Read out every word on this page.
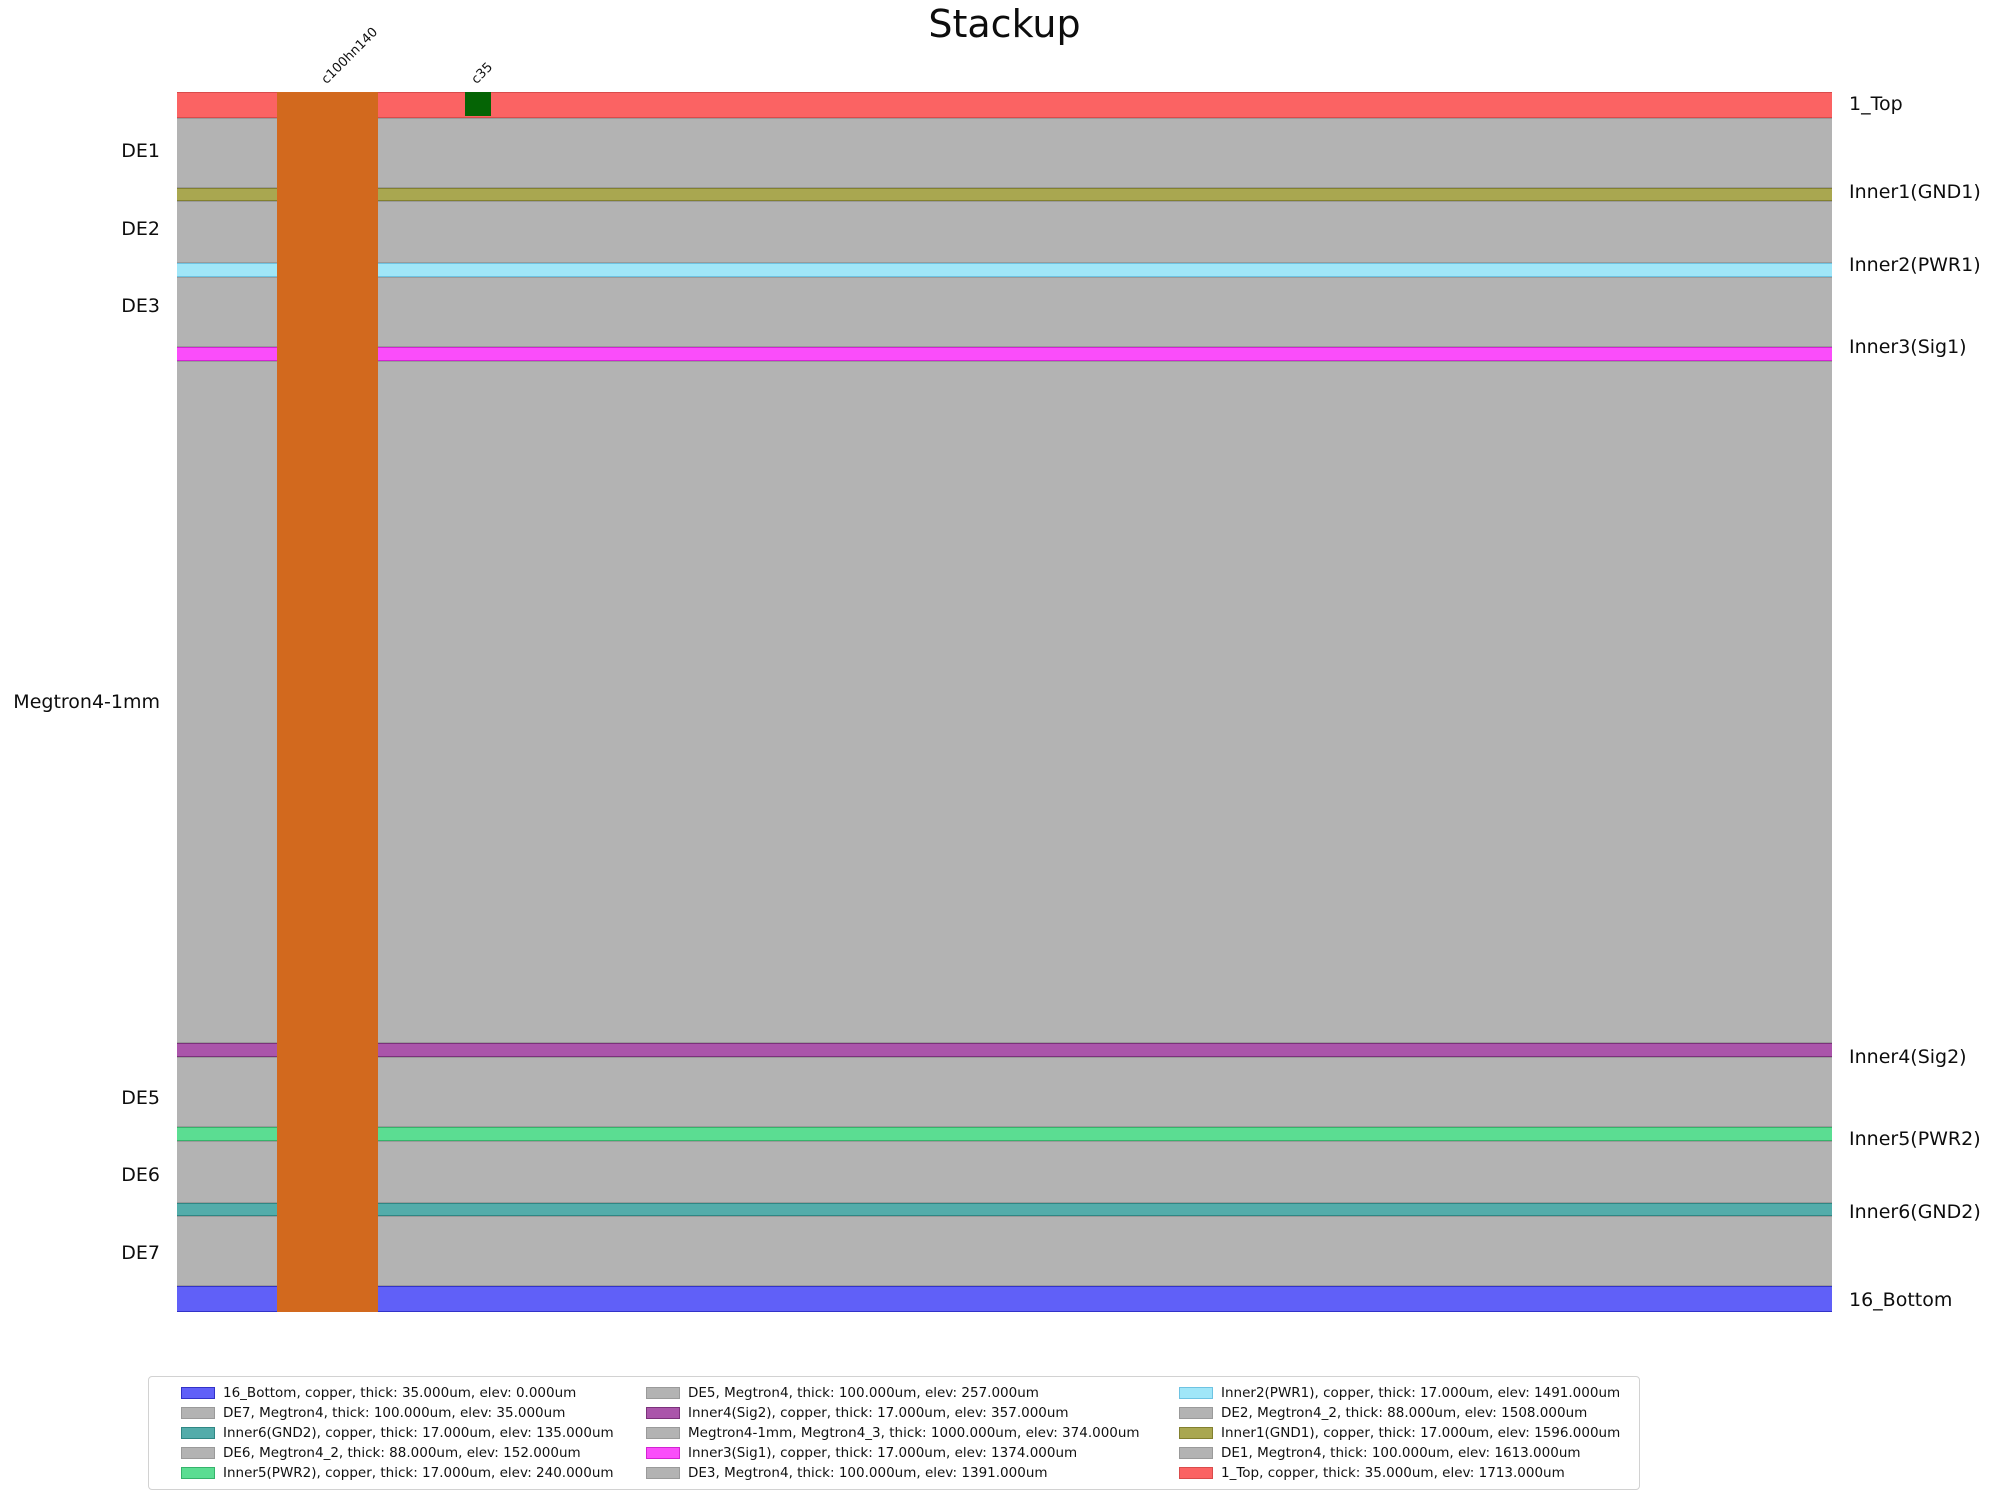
Stackup
16_Bottom, copper, thick: 35.000um, elev: 0.000um
DE7, Megtron4, thick: 100.000um, elev: 35.000um
Inner6(GND2), copper, thick: 17.000um, elev: 135.000um
DE6, Megtron4_2, thick: 88.000um, elev: 152.000um
Inner5(PWR2), copper, thick: 17.000um, elev: 240.000um
DE5, Megtron4, thick: 100.000um, elev: 257.000um
Inner4(Sig2), copper, thick: 17.000um, elev: 357.000um
Megtron4-1mm, Megtron4_3, thick: 1000.000um, elev: 374.000um
Inner3(Sig1), copper, thick: 17.000um, elev: 1374.000um
DE3, Megtron4, thick: 100.000um, elev: 1391.000um
Inner2(PWR1), copper, thick: 17.000um, elev: 1491.000um
DE2, Megtron4_2, thick: 88.000um, elev: 1508.000um
Inner1(GND1), copper, thick: 17.000um, elev: 1596.000um
DE1, Megtron4, thick: 100.000um, elev: 1613.000um
1_Top, copper, thick: 35.000um, elev: 1713.000um
c100hn140	c35
1_Top
DE1
Inner1(GND1)
DE2
Inner2(PWR1)
DE3
Inner3(Sig1)
Megtron4-1mm
Inner4(Sig2)
DE5
Inner5(PWR2)
DE6
Inner6(GND2)
DE7
16_Bottom
